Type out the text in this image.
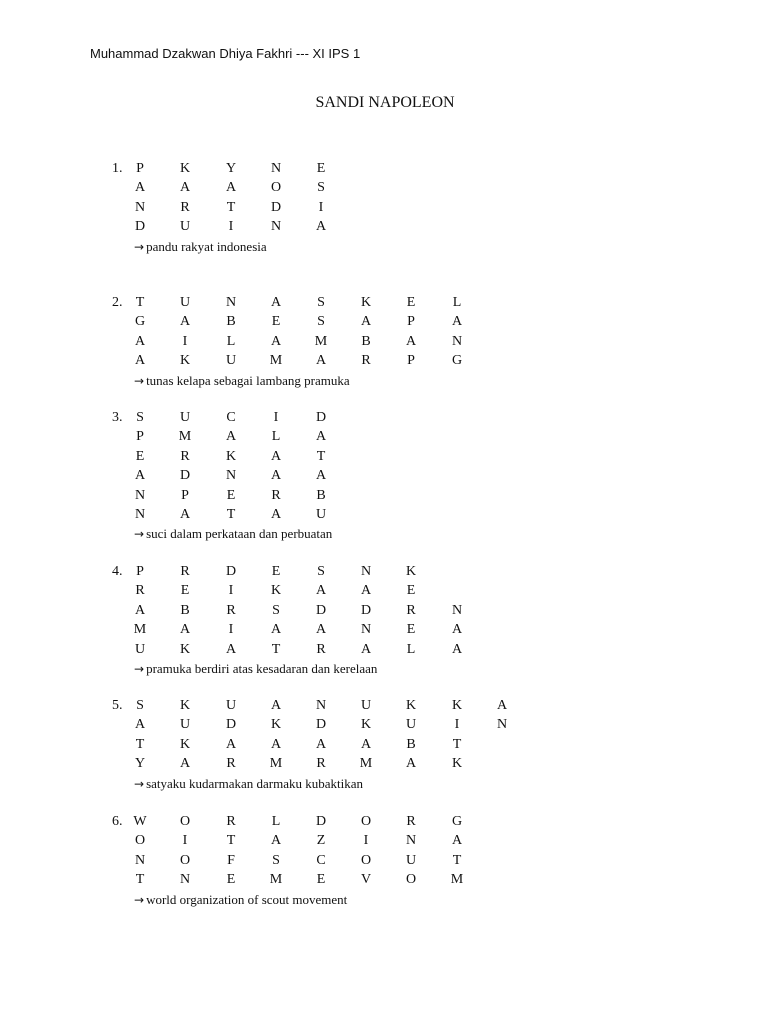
Muhammad Dzakwan Dhiya Fakhri --- XI IPS 1
SANDI NAPOLEON
1. P	K	Y	N	E
A	A	A	O	S
N	R	T	D	I
D	U	I	N	A
→ pandu rakyat indonesia
2. T	U	N	A	S	K	E	L
G	A	B	E	S	A	P	A
A	I	L	A	M	B	A	N
A	K	U	M	A	R	P	G
→ tunas kelapa sebagai lambang pramuka
3. S	U	C	I	D
P	M	A	L	A
E	R	K	A	T
A	D	N	A	A
N	P	E	R	B
N	A	T	A	U
→ suci dalam perkataan dan perbuatan
4. P	R	D	E	S	N	K
R	E	I	K	A	A	E
A	B	R	S	D	D	R	N
M	A	I	A	A	N	E	A
U	K	A	T	R	A	L	A
→ pramuka berdiri atas kesadaran dan kerelaan
5. S	K	U	A	N	U	K	K	A
A	U	D	K	D	K	U	I	N
T	K	A	A	A	A	B	T
Y	A	R	M	R	M	A	K
→ satyaku kudarmakan darmaku kubaktikan
6. W	O	R	L	D	O	R	G
O	I	T	A	Z	I	N	A
N	O	F	S	C	O	U	T
T	N	E	M	E	V	O	M
→ world organization of scout movement
